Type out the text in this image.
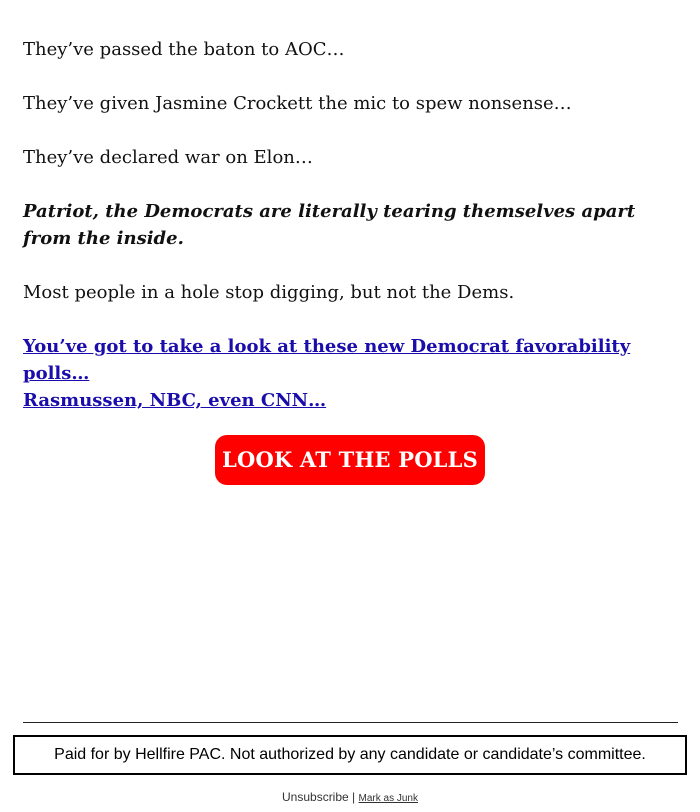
They’ve passed the baton to AOC…

They’ve given Jasmine Crockett the mic to spew nonsense…

They’ve declared war on Elon…

Patriot, the Democrats are literally tearing themselves apart from the inside.

Most people in a hole stop digging, but not the Dems.

You’ve got to take a look at these new Democrat favorability polls…
Rasmussen, NBC, even CNN…
LOOK AT THE POLLS
Paid for by Hellfire PAC. Not authorized by any candidate or candidate’s committee.
Unsubscribe | Mark as Junk
